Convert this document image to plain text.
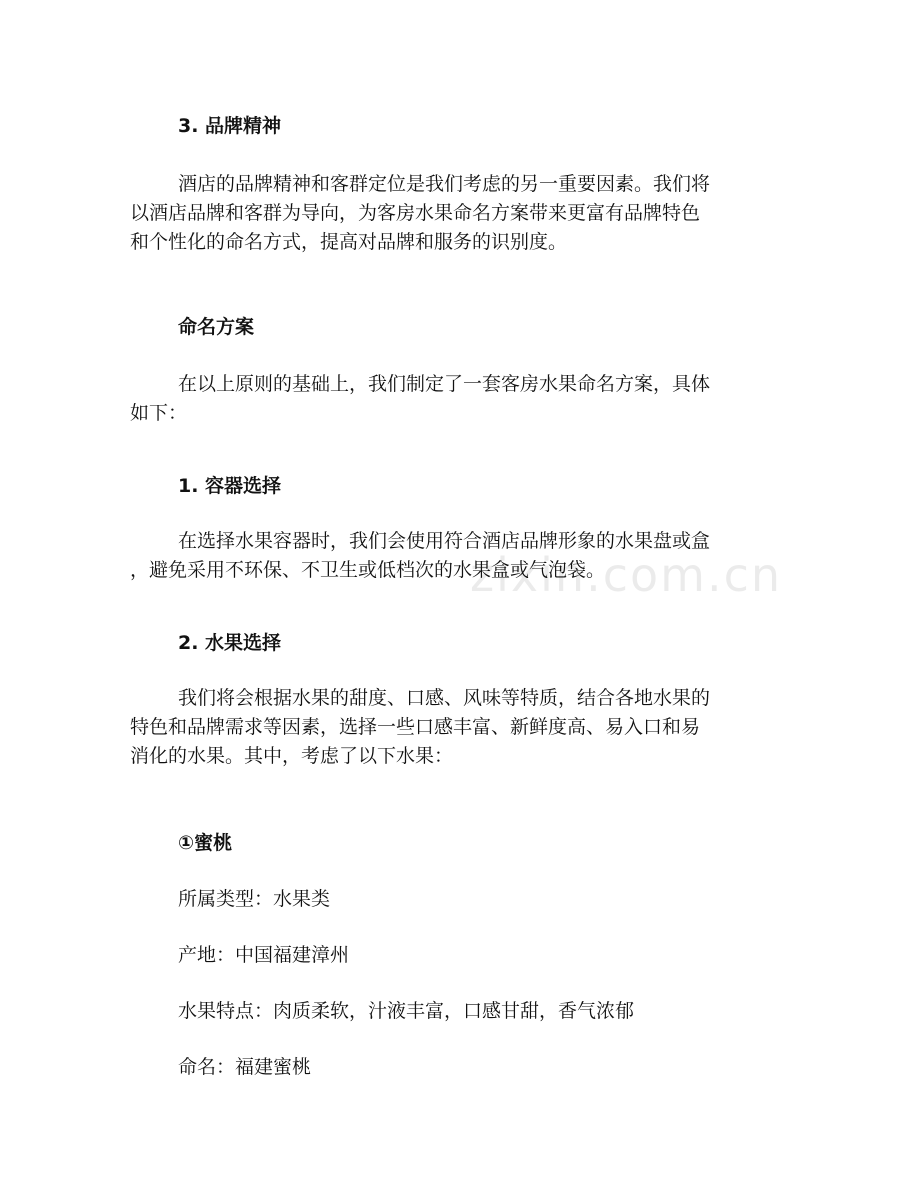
3. 品牌精神
酒店的品牌精神和客群定位是我们考虑的另一重要因素。我们将
以酒店品牌和客群为导向，为客房水果命名方案带来更富有品牌特色
和个性化的命名方式，提高对品牌和服务的识别度。
命名方案
在以上原则的基础上，我们制定了一套客房水果命名方案，具体
如下：
1. 容器选择
在选择水果容器时，我们会使用符合酒店品牌形象的水果盘或盒
，避免采用不环保、不卫生或低档次的水果盒或气泡袋。
2. 水果选择
我们将会根据水果的甜度、口感、风味等特质，结合各地水果的
特色和品牌需求等因素，选择一些口感丰富、新鲜度高、易入口和易
消化的水果。其中，考虑了以下水果：
①蜜桃
所属类型：水果类
产地：中国福建漳州
水果特点：肉质柔软，汁液丰富，口感甘甜，香气浓郁
命名：福建蜜桃
zixin.com.cn
